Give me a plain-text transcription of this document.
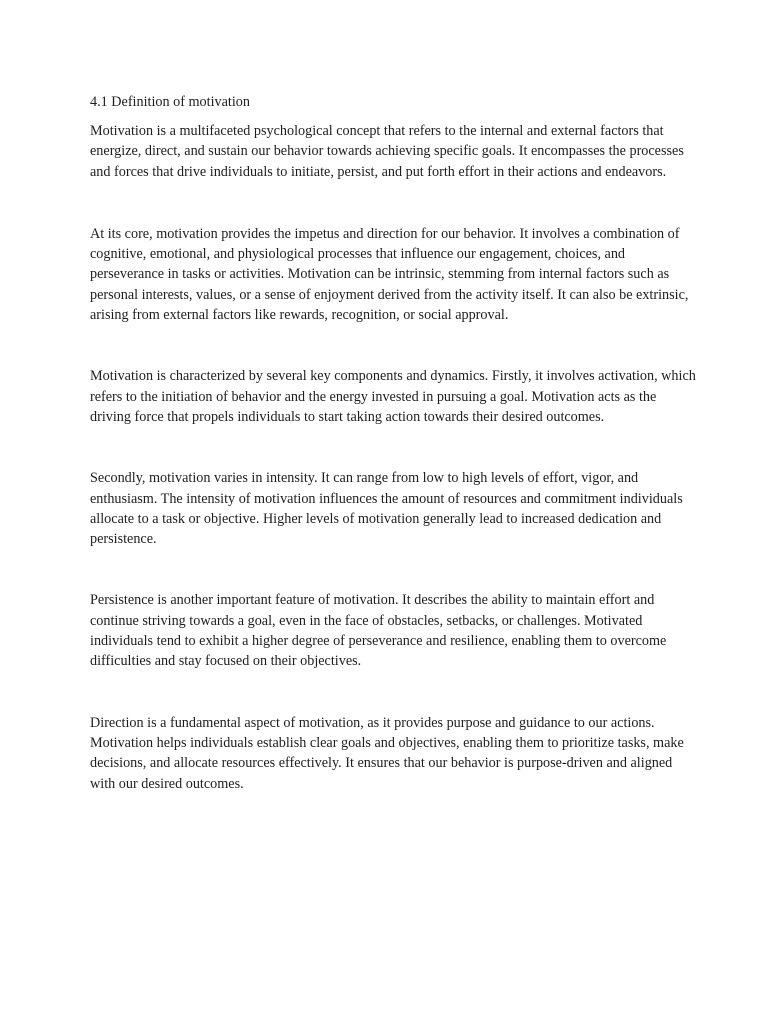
4.1 Definition of motivation

Motivation is a multifaceted psychological concept that refers to the internal and external factors that energize, direct, and sustain our behavior towards achieving specific goals. It encompasses the processes and forces that drive individuals to initiate, persist, and put forth effort in their actions and endeavors.

At its core, motivation provides the impetus and direction for our behavior. It involves a combination of cognitive, emotional, and physiological processes that influence our engagement, choices, and perseverance in tasks or activities. Motivation can be intrinsic, stemming from internal factors such as personal interests, values, or a sense of enjoyment derived from the activity itself. It can also be extrinsic, arising from external factors like rewards, recognition, or social approval.

Motivation is characterized by several key components and dynamics. Firstly, it involves activation, which refers to the initiation of behavior and the energy invested in pursuing a goal. Motivation acts as the driving force that propels individuals to start taking action towards their desired outcomes.

Secondly, motivation varies in intensity. It can range from low to high levels of effort, vigor, and enthusiasm. The intensity of motivation influences the amount of resources and commitment individuals allocate to a task or objective. Higher levels of motivation generally lead to increased dedication and persistence.

Persistence is another important feature of motivation. It describes the ability to maintain effort and continue striving towards a goal, even in the face of obstacles, setbacks, or challenges. Motivated individuals tend to exhibit a higher degree of perseverance and resilience, enabling them to overcome difficulties and stay focused on their objectives.

Direction is a fundamental aspect of motivation, as it provides purpose and guidance to our actions. Motivation helps individuals establish clear goals and objectives, enabling them to prioritize tasks, make decisions, and allocate resources effectively. It ensures that our behavior is purpose-driven and aligned with our desired outcomes.
